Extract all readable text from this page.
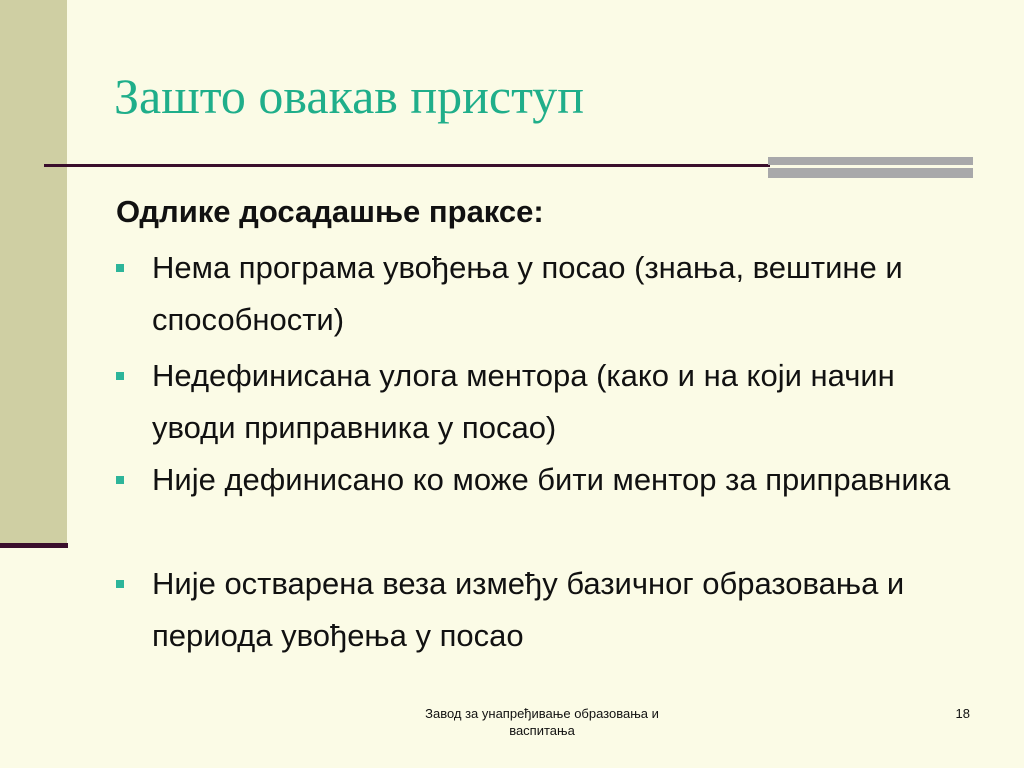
Зашто овакав приступ

Одлике досадашње праксе:

Нема програма увођења у посао (знања, вештине и способности)
Недефинисана улога ментора (како и на који начин уводи приправника у посао)
Није дефинисано ко може бити ментор за приправника
Није остварена веза између базичног образовања и периода увођења у посао
Завод за унапређивање образовања и васпитања
18
